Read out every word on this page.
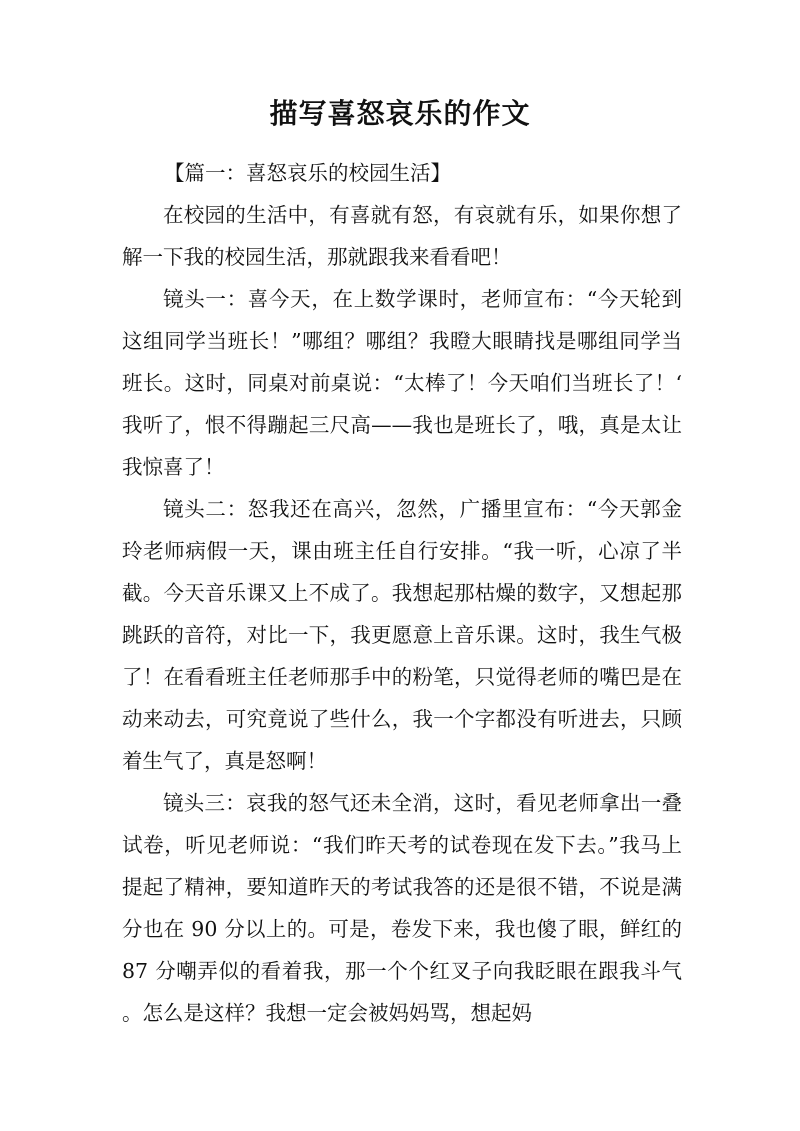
描写喜怒哀乐的作文

【篇一：喜怒哀乐的校园生活】

在校园的生活中，有喜就有怒，有哀就有乐，如果你想了解一下我的校园生活，那就跟我来看看吧！

镜头一：喜今天，在上数学课时，老师宣布：“今天轮到这组同学当班长！”哪组？哪组？我瞪大眼睛找是哪组同学当班长。这时，同桌对前桌说：“太棒了！今天咱们当班长了！‘我听了，恨不得蹦起三尺高——我也是班长了，哦，真是太让我惊喜了！

镜头二：怒我还在高兴，忽然，广播里宣布：“今天郭金玲老师病假一天，课由班主任自行安排。“我一听，心凉了半截。今天音乐课又上不成了。我想起那枯燥的数字，又想起那跳跃的音符，对比一下，我更愿意上音乐课。这时，我生气极了！在看看班主任老师那手中的粉笔，只觉得老师的嘴巴是在动来动去，可究竟说了些什么，我一个字都没有听进去，只顾着生气了，真是怒啊！

镜头三：哀我的怒气还未全消，这时，看见老师拿出一叠试卷，听见老师说：“我们昨天考的试卷现在发下去。”我马上提起了精神，要知道昨天的考试我答的还是很不错，不说是满分也在 90 分以上的。可是，卷发下来，我也傻了眼，鲜红的 87 分嘲弄似的看着我，那一个个红叉子向我眨眼在跟我斗气。怎么是这样？我想一定会被妈妈骂，想起妈
